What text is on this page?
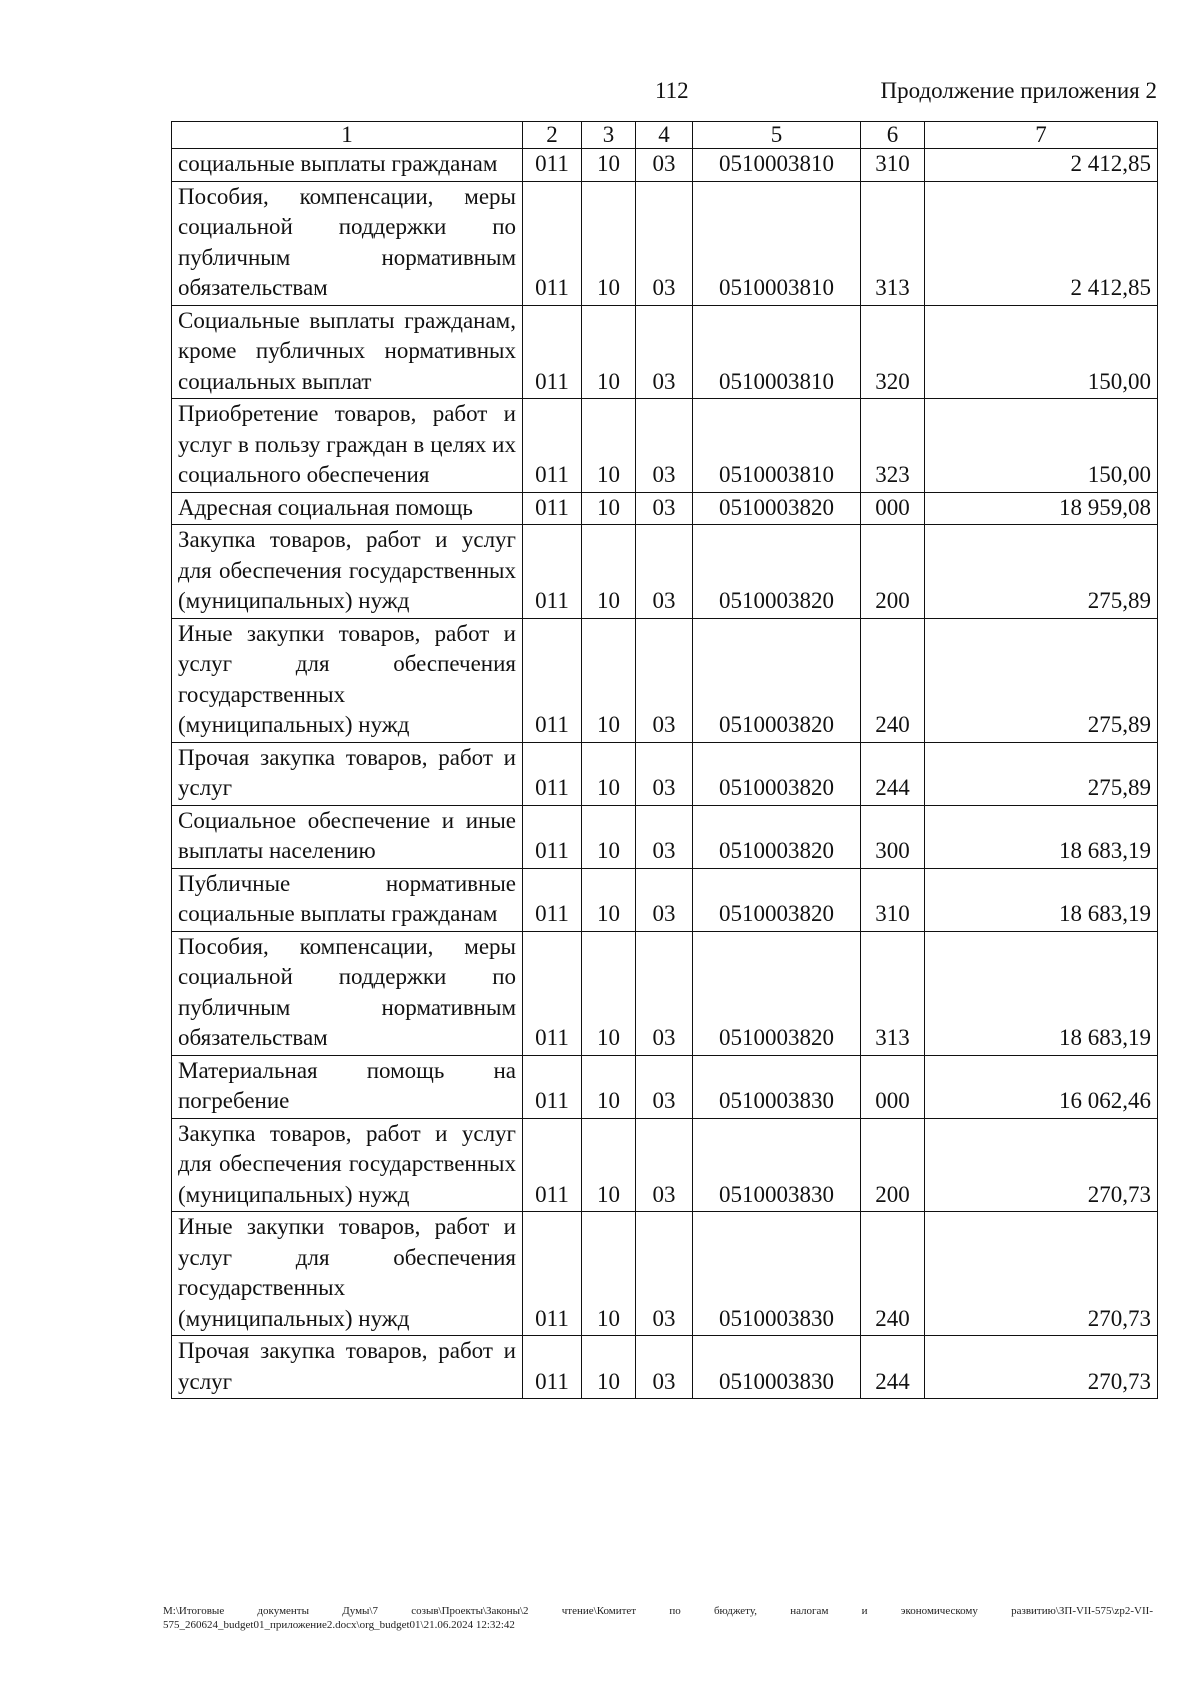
112	Продолжение приложения 2
1	2	3	4	5	6	7
социальные выплаты гражданам	011	10	03	0510003810	310	2 412,85
Пособия, компенсации, меры социальной поддержки по публичным нормативным обязательствам	011	10	03	0510003810	313	2 412,85
Социальные выплаты гражданам, кроме публичных нормативных социальных выплат	011	10	03	0510003810	320	150,00
Приобретение товаров, работ и услуг в пользу граждан в целях их социального обеспечения	011	10	03	0510003810	323	150,00
Адресная социальная помощь	011	10	03	0510003820	000	18 959,08
Закупка товаров, работ и услуг для обеспечения государственных (муниципальных) нужд	011	10	03	0510003820	200	275,89
Иные закупки товаров, работ и услуг для обеспечения государственных (муниципальных) нужд	011	10	03	0510003820	240	275,89
Прочая закупка товаров, работ и услуг	011	10	03	0510003820	244	275,89
Социальное обеспечение и иные выплаты населению	011	10	03	0510003820	300	18 683,19
Публичные нормативные социальные выплаты гражданам	011	10	03	0510003820	310	18 683,19
Пособия, компенсации, меры социальной поддержки по публичным нормативным обязательствам	011	10	03	0510003820	313	18 683,19
Материальная помощь на погребение	011	10	03	0510003830	000	16 062,46
Закупка товаров, работ и услуг для обеспечения государственных (муниципальных) нужд	011	10	03	0510003830	200	270,73
Иные закупки товаров, работ и услуг для обеспечения государственных (муниципальных) нужд	011	10	03	0510003830	240	270,73
Прочая закупка товаров, работ и услуг	011	10	03	0510003830	244	270,73
M:\Итоговые документы Думы\7 созыв\Проекты\Законы\2 чтение\Комитет по бюджету, налогам и экономическому развитию\ЗП-VII-575\zp2-VII-575_260624_budget01_приложение2.docx\org_budget01\21.06.2024 12:32:42
